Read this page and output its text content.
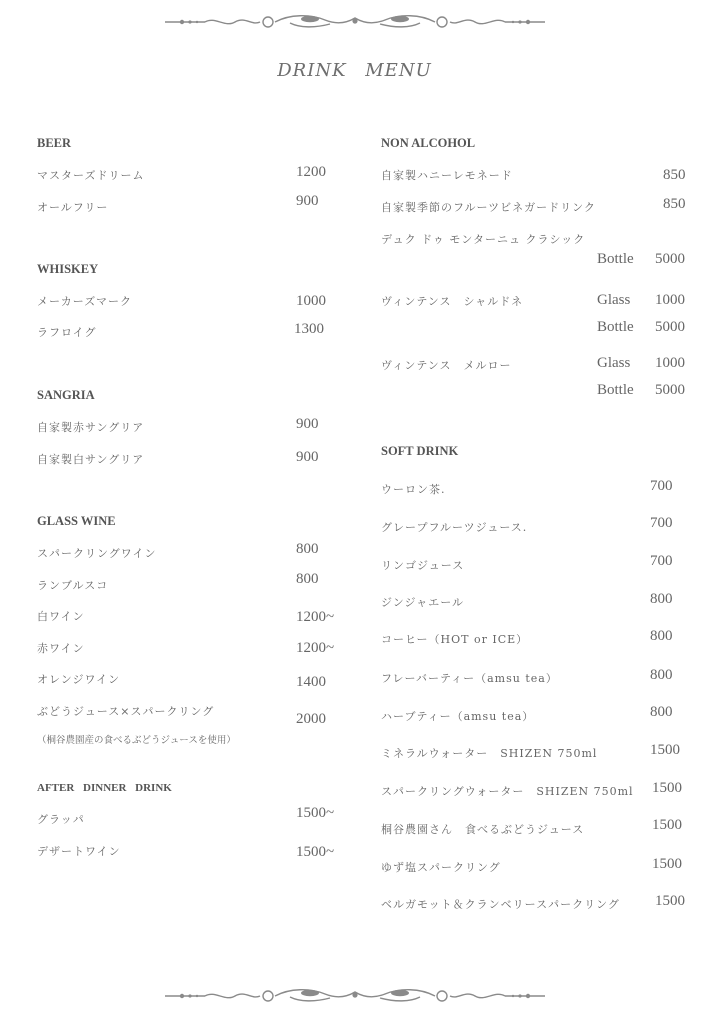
DRINK MENU
BEER
マスターズドリーム	1200
オールフリー	900
WHISKEY
メーカーズマーク	1000
ラフロイグ	1300
SANGRIA
自家製赤サングリア	900
自家製白サングリア	900
GLASS WINE
スパークリングワイン	800
ランブルスコ	800
白ワイン	1200~
赤ワイン	1200~
オレンジワイン	1400
ぶどうジュース×スパークリング	2000
（桐谷農園産の食べるぶどうジュースを使用）
AFTER DINNER DRINK
グラッパ	1500~
デザートワイン	1500~
NON ALCOHOL
自家製ハニーレモネード	850
自家製季節のフルーツビネガードリンク	850
デュク ドゥ モンターニュ クラシック
Bottle 5000
ヴィンテンス　シャルドネ	Glass 1000
Bottle 5000
ヴィンテンス　メルロー	Glass 1000
Bottle 5000
SOFT DRINK
ウーロン茶.	700
グレープフルーツジュース.	700
リンゴジュース	700
ジンジャエール	800
コーヒー（HOT or ICE）	800
フレーバーティー（amsu tea）	800
ハーブティー（amsu tea）	800
ミネラルウォーター　SHIZEN 750ml	1500
スパークリングウォーター　SHIZEN 750ml 1500
桐谷農園さん　食べるぶどうジュース	1500
ゆず塩スパークリング	1500
ベルガモット＆クランベリースパークリング 1500
